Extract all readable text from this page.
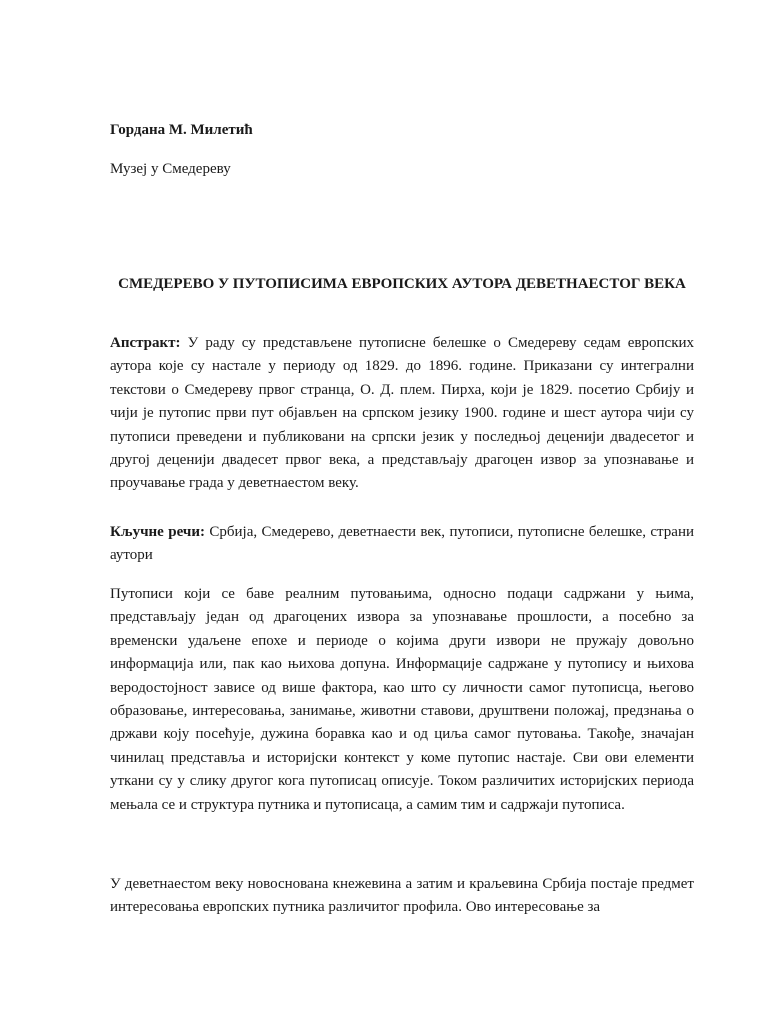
Гордана М. Милетић

Музеј у Смедереву

СМЕДЕРЕВО У ПУТОПИСИМА ЕВРОПСКИХ АУТОРА ДЕВЕТНАЕСТОГ ВЕКА

Апстракт: У раду су представљене путописне белешке о Смедереву седам европских аутора које су настале у периоду од 1829. до 1896. године. Приказани су интегрални текстови о Смедереву првог странца, О. Д. плем. Пирха, који је 1829. посетио Србију и чији је путопис први пут објављен на српском језику 1900. године и шест аутора чији су путописи преведени и публиковани на српски језик у последњој деценији двадесетог и другој деценији двадесет првог века, а представљају драгоцен извор за упознавање и проучавање града у деветнаестом веку.

Кључне речи: Србија, Смедерево, деветнаести век, путописи, путописне белешке, страни аутори

Путописи који се баве реалним путовањима, односно подаци садржани у њима, представљају један од драгоцених извора за упознавање прошлости, а посебно за временски удаљене епохе и периоде о којима други извори не пружају довољно информација или, пак као њихова допуна. Информације садржане у путопису и њихова веродостојност зависе од више фактора, као што су личности самог путописца, његово образовање, интересовања, занимање, животни ставови, друштвени положај, предзнања о држави коју посећује, дужина боравка као и од циља самог путовања. Такође, значајан чинилац представља и историјски контекст у коме путопис настаје. Сви ови елементи уткани су у слику другог кога путописац описује. Током различитих историјских периода мењала се и структура путника и путописаца, а самим тим и садржаји путописа.

У деветнаестом веку новоснована кнежевина а затим и краљевина Србија постаје предмет интересовања европских путника различитог профила. Ово интересовање за
